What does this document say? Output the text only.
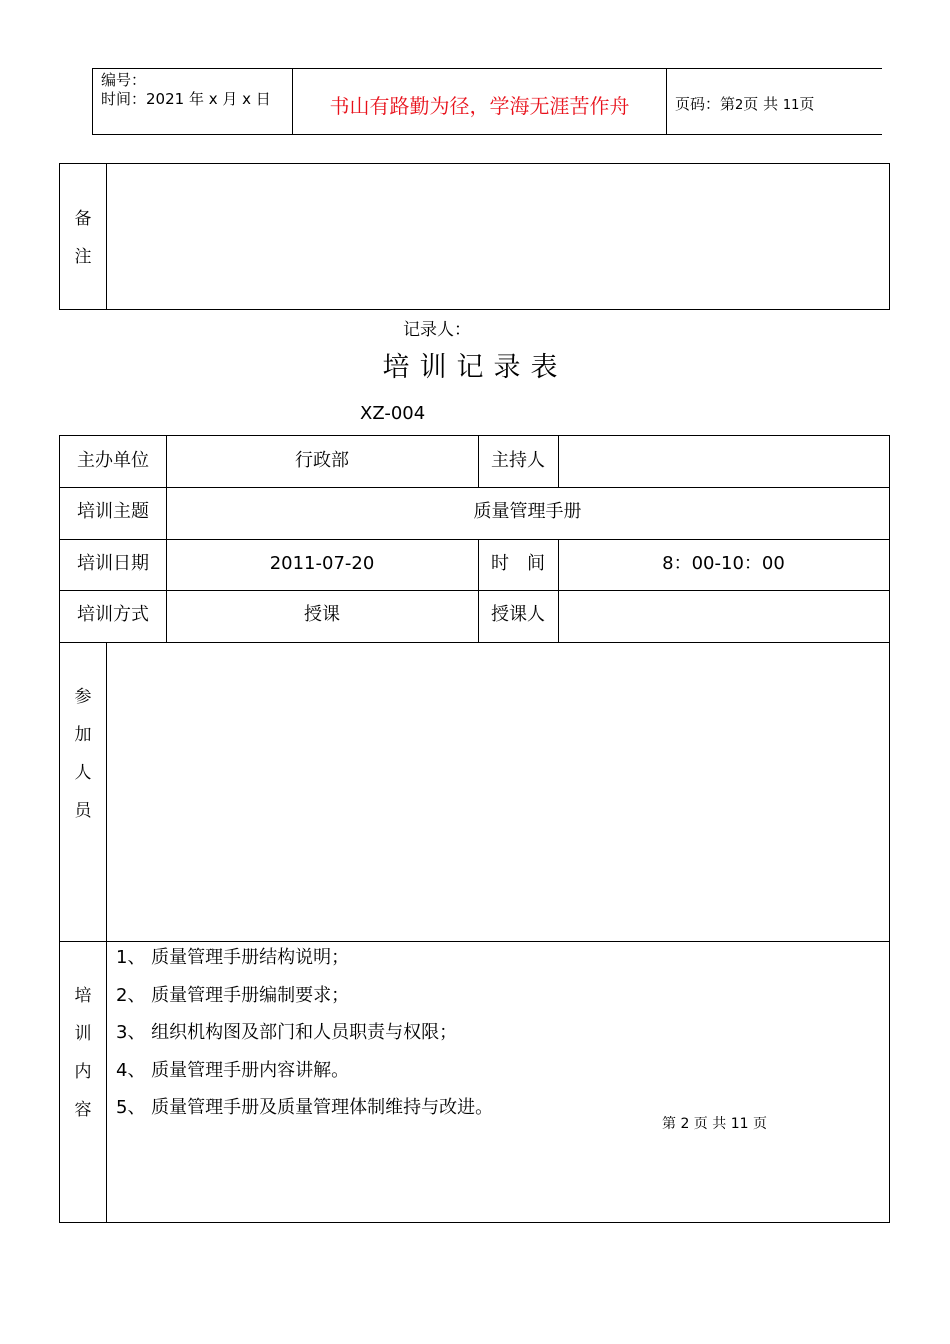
编号：
时间：2021 年 x 月 x 日	书山有路勤为径，学海无涯苦作舟	页码：第2页 共 11页
备
注
记录人：
培训记录表
XZ-004
主办单位	行政部	主持人
培训主题	质量管理手册
培训日期	2011-07-20	时　间	8：00-10：00
培训方式	授课	授课人
参
加
人
员
培
训
内
容
1、 质量管理手册结构说明；
2、 质量管理手册编制要求；
3、 组织机构图及部门和人员职责与权限；
4、 质量管理手册内容讲解。
5、 质量管理手册及质量管理体制维持与改进。
第 2 页 共 11 页
